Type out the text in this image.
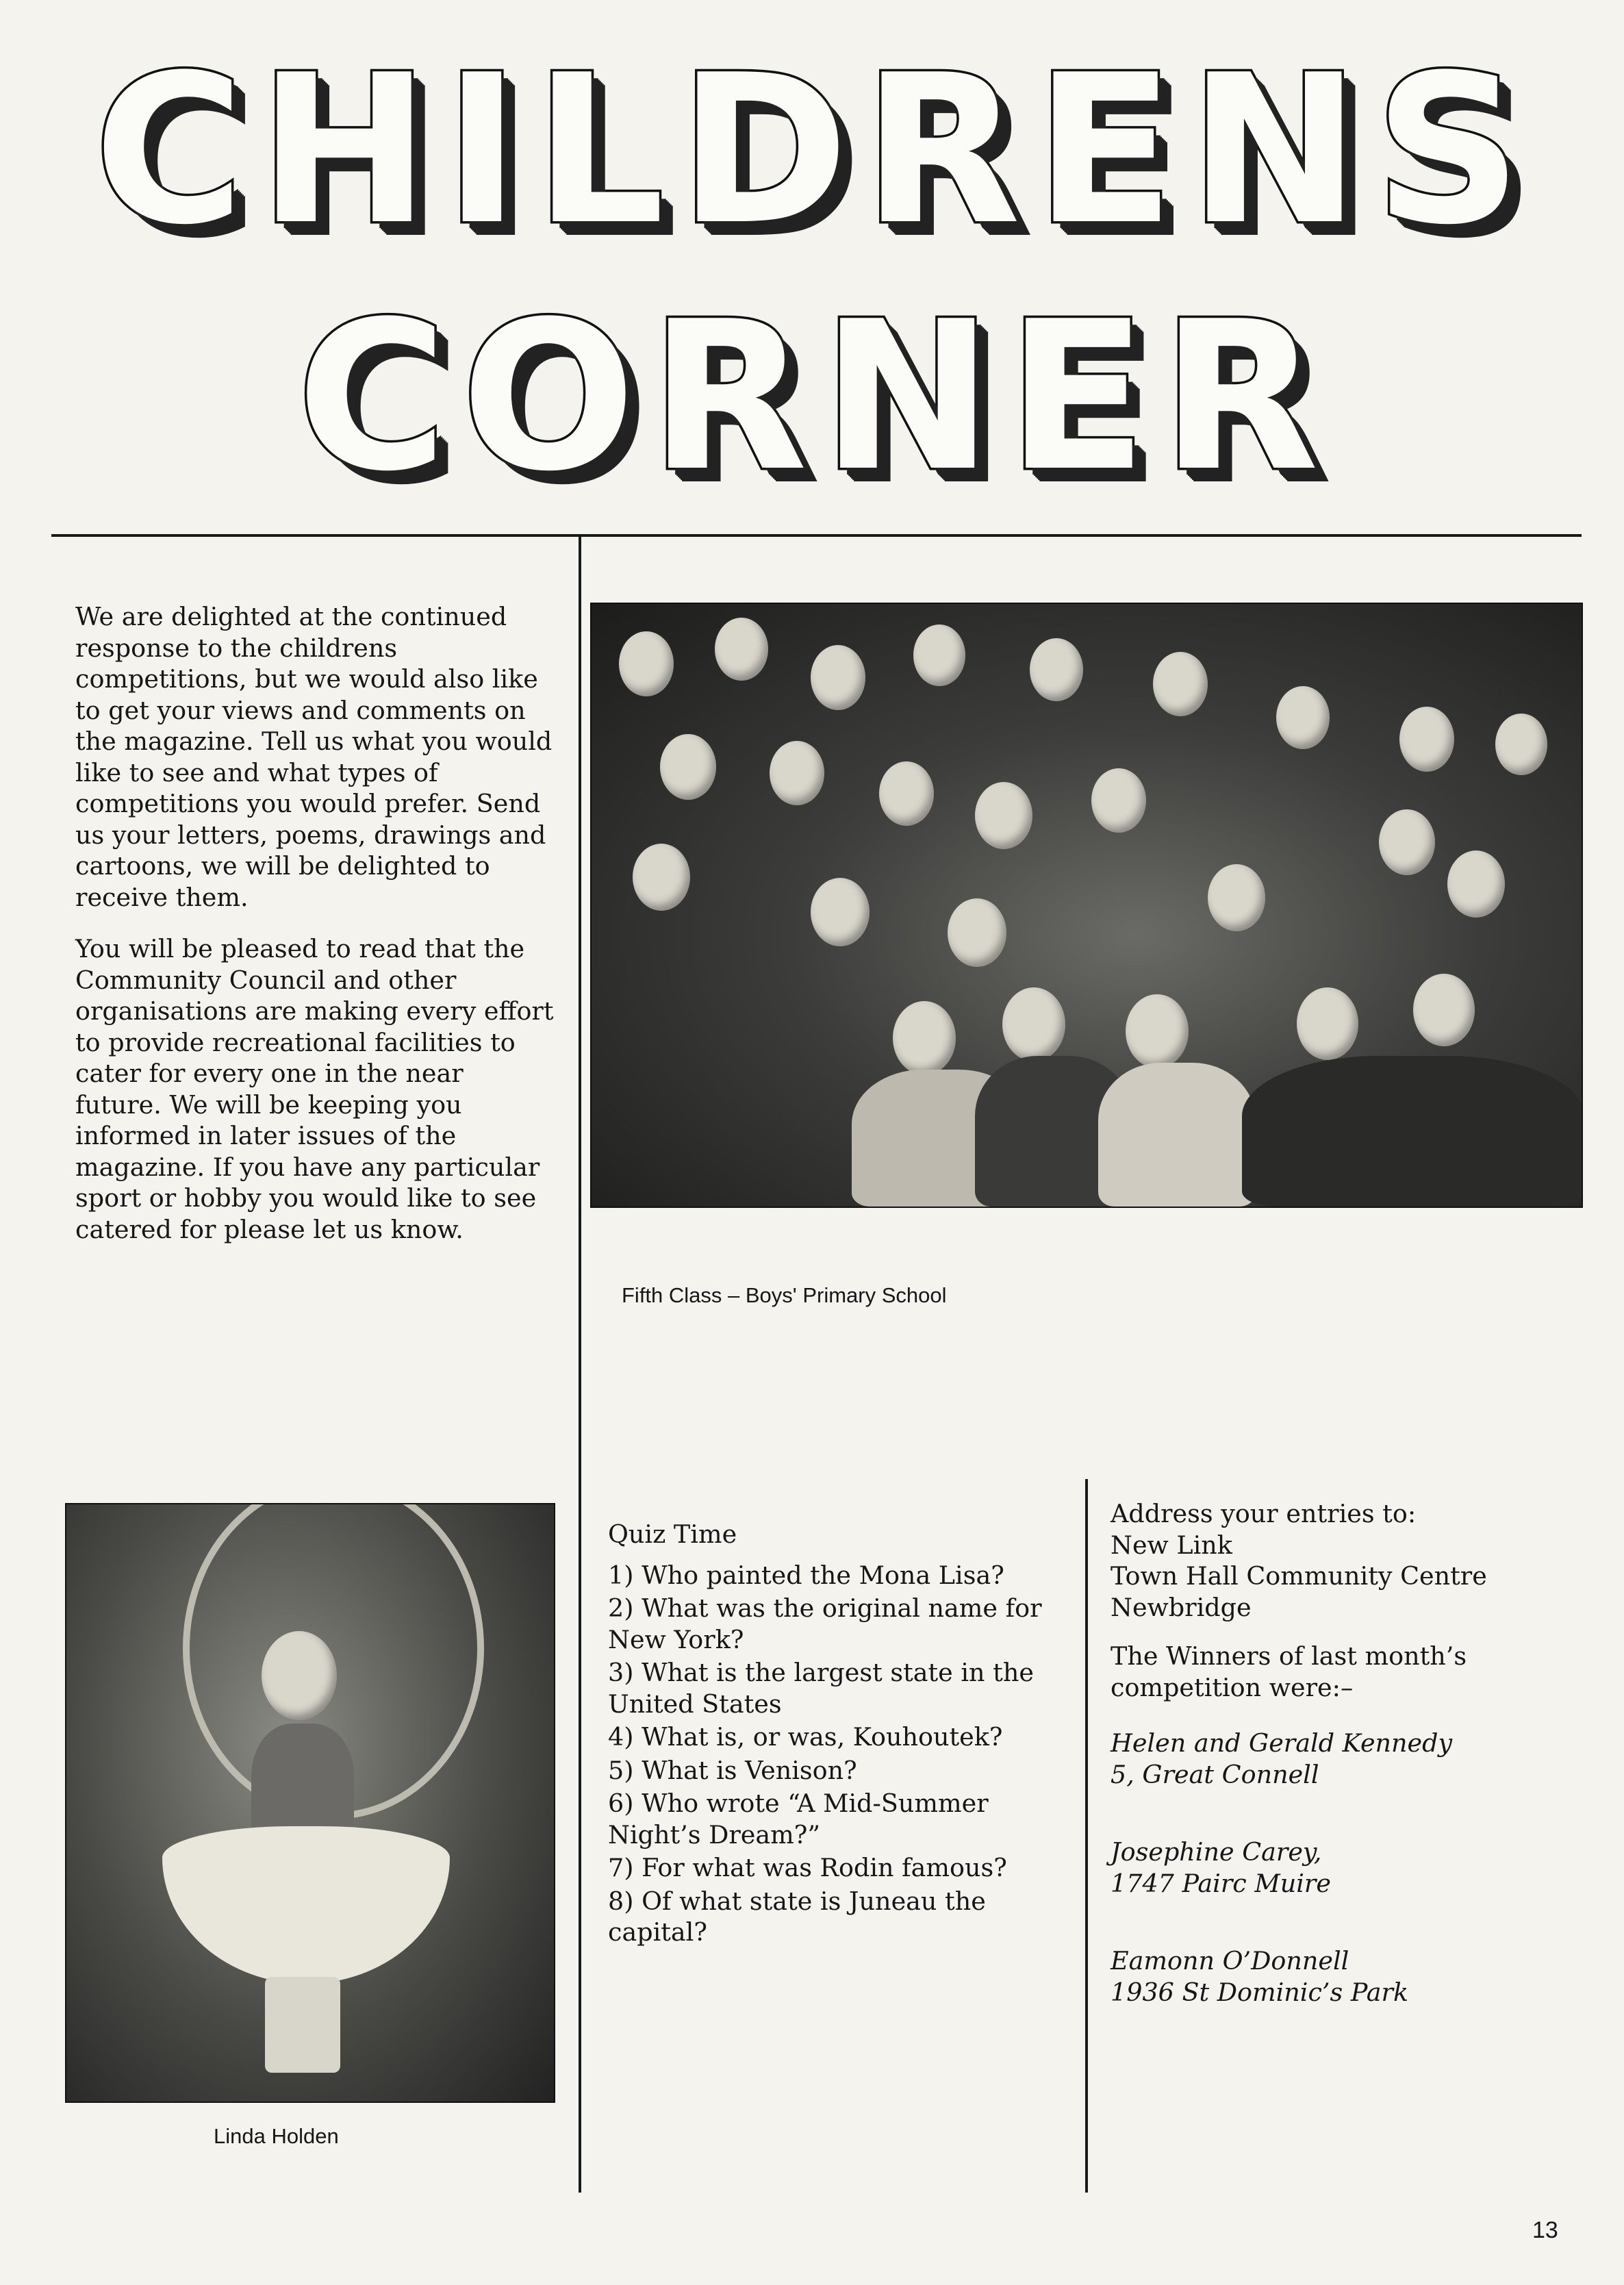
CHILDRENS
CORNER

We are delighted at the continued response to the childrens competitions, but we would also like to get your views and comments on the magazine. Tell us what you would like to see and what types of competitions you would prefer. Send us your letters, poems, drawings and cartoons, we will be delighted to receive them.

You will be pleased to read that the Community Council and other organisations are making every effort to provide recreational facilities to cater for every one in the near future. We will be keeping you informed in later issues of the magazine. If you have any particular sport or hobby you would like to see catered for please let us know.

Fifth Class – Boys' Primary School
Linda Holden

Quiz Time

1) Who painted the Mona Lisa?

2) What was the original name for New York?

3) What is the largest state in the United States

4) What is, or was, Kouhoutek?

5) What is Venison?

6) Who wrote “A Mid-Summer Night’s Dream?”

7) For what was Rodin famous?

8) Of what state is Juneau the capital?

Address your entries to:

New Link

Town Hall Community Centre

Newbridge

The Winners of last month’s competition were:–

Helen and Gerald Kennedy

5, Great Connell

Josephine Carey,

1747 Pairc Muire

Eamonn O’Donnell

1936 St Dominic’s Park

13
